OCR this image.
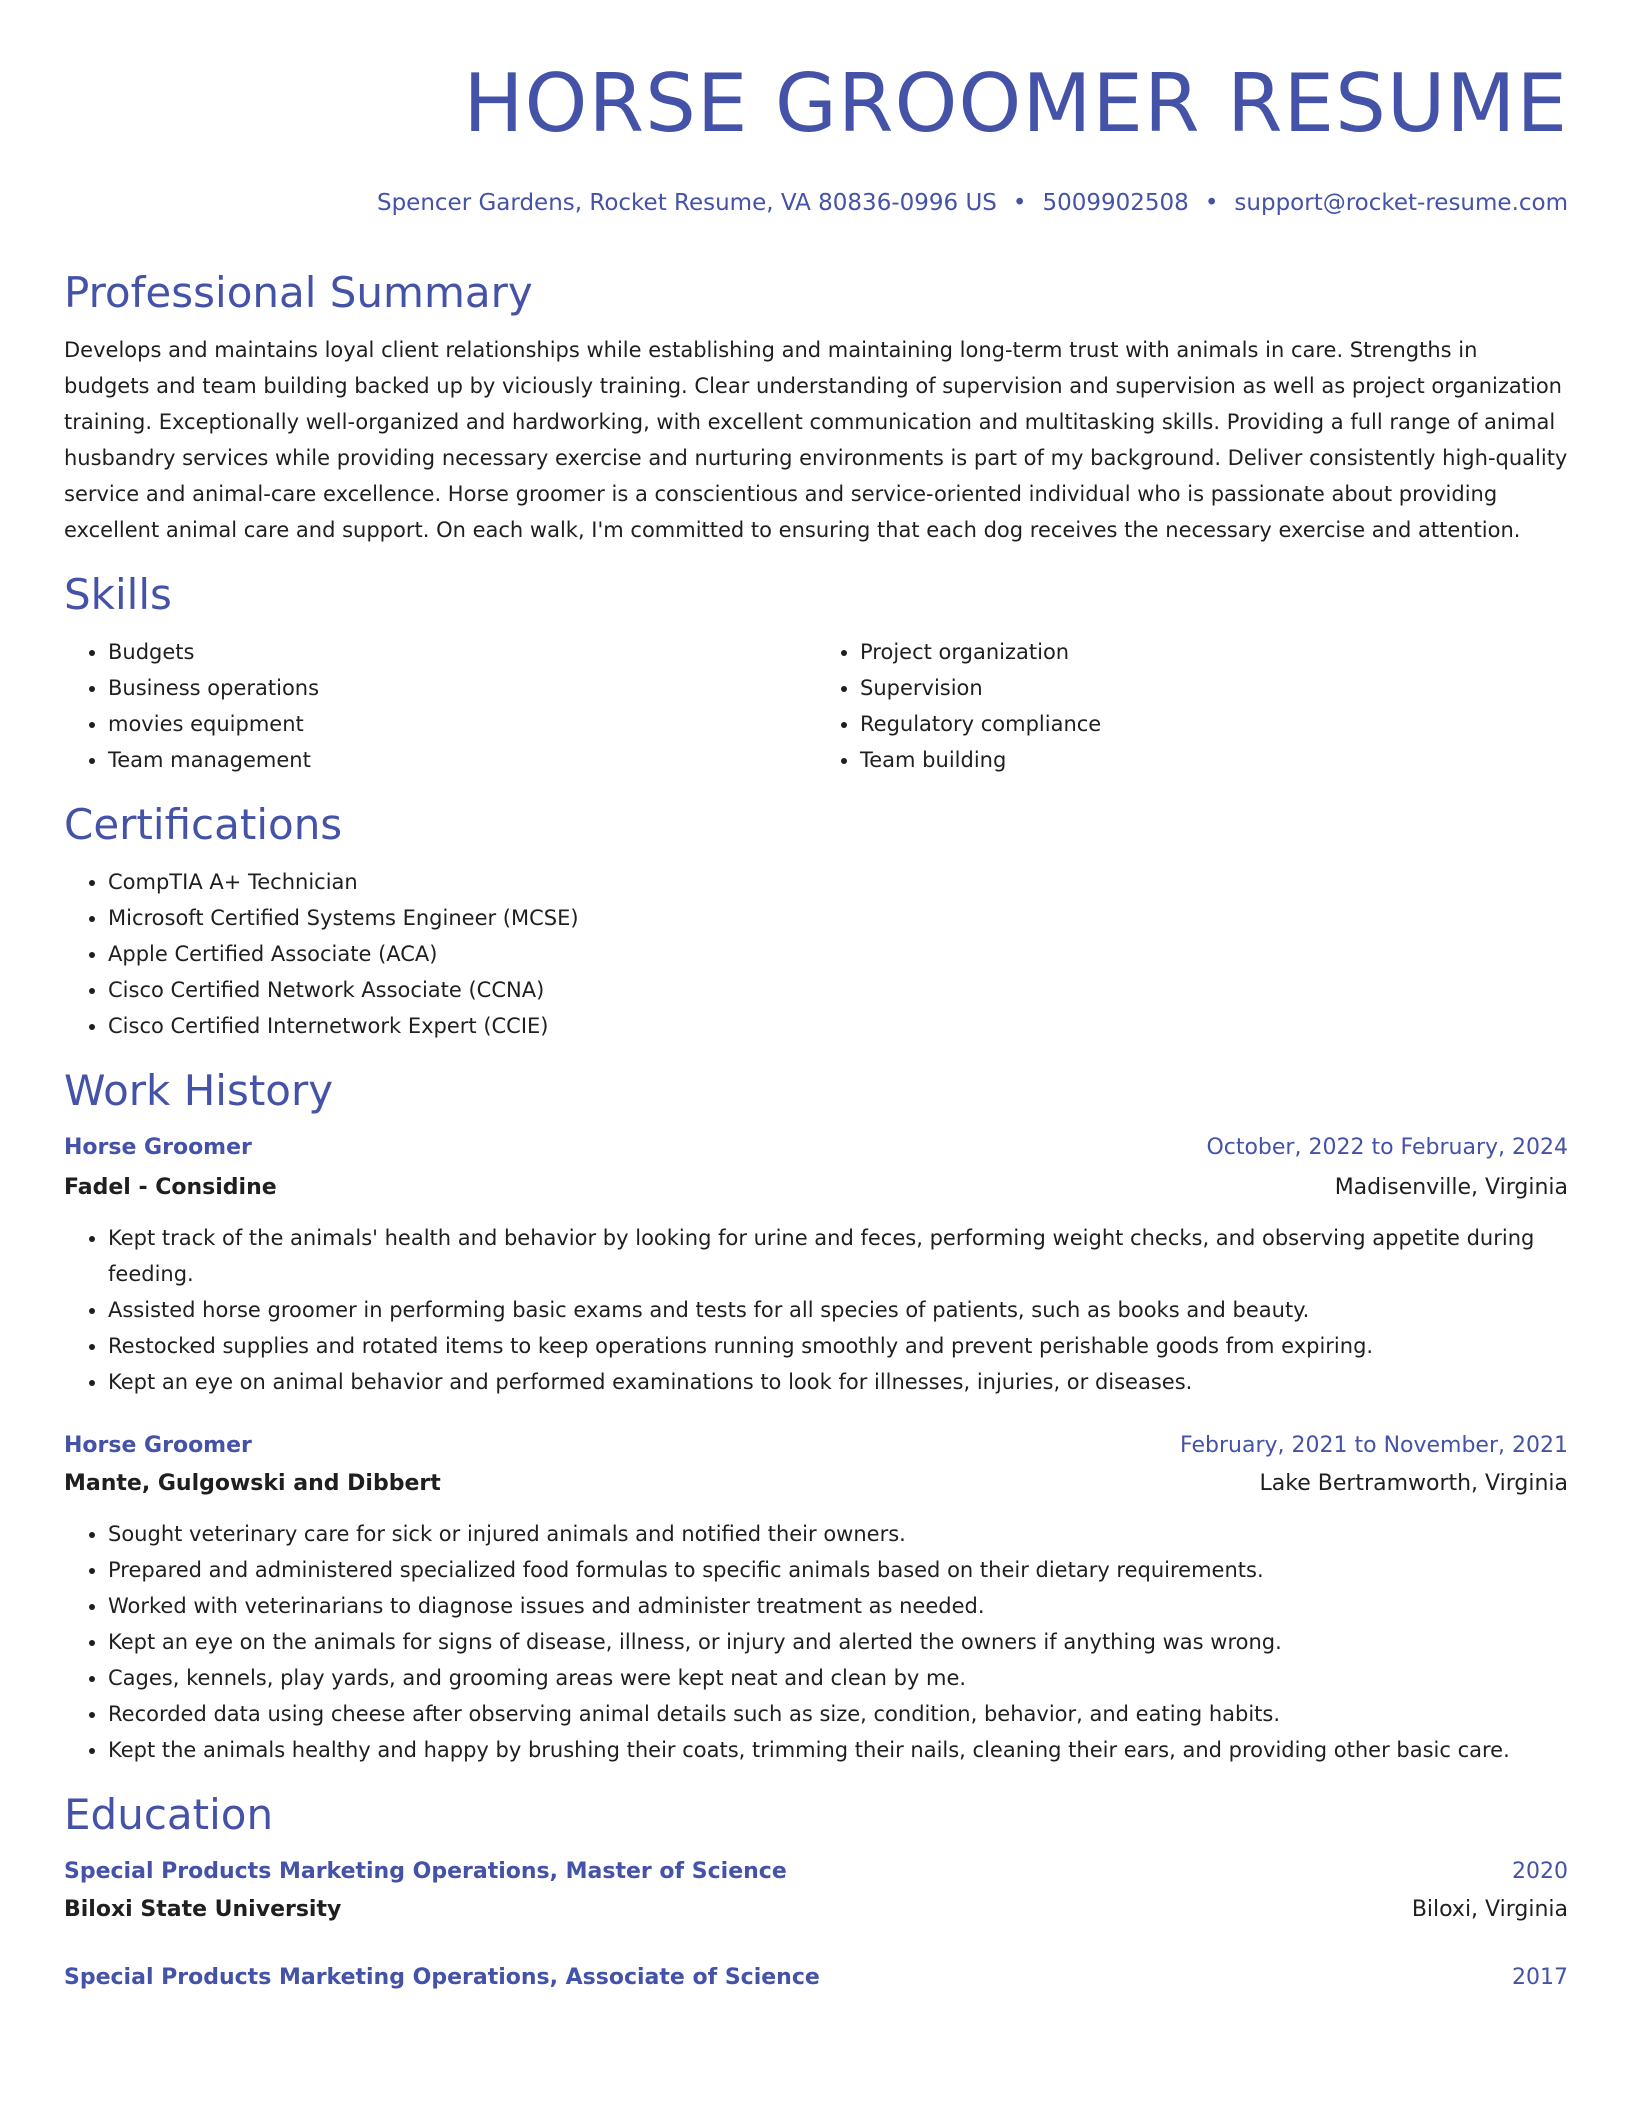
HORSE GROOMER RESUME
Spencer Gardens, Rocket Resume, VA 80836-0996 US • 5009902508 • support@rocket-resume.com
Professional Summary
Develops and maintains loyal client relationships while establishing and maintaining long-term trust with animals in care. Strengths in budgets and team building backed up by viciously training. Clear understanding of supervision and supervision as well as project organization training. Exceptionally well-organized and hardworking, with excellent communication and multitasking skills. Providing a full range of animal husbandry services while providing necessary exercise and nurturing environments is part of my background. Deliver consistently high-quality service and animal-care excellence. Horse groomer is a conscientious and service-oriented individual who is passionate about providing excellent animal care and support. On each walk, I'm committed to ensuring that each dog receives the necessary exercise and attention.
Skills
• Budgets
• Business operations
• movies equipment
• Team management
• Project organization
• Supervision
• Regulatory compliance
• Team building
Certifications
• CompTIA A+ Technician
• Microsoft Certified Systems Engineer (MCSE)
• Apple Certified Associate (ACA)
• Cisco Certified Network Associate (CCNA)
• Cisco Certified Internetwork Expert (CCIE)
Work History
Horse Groomer	October, 2022 to February, 2024
Fadel - Considine	Madisenville, Virginia
• Kept track of the animals' health and behavior by looking for urine and feces, performing weight checks, and observing appetite during feeding.
• Assisted horse groomer in performing basic exams and tests for all species of patients, such as books and beauty.
• Restocked supplies and rotated items to keep operations running smoothly and prevent perishable goods from expiring.
• Kept an eye on animal behavior and performed examinations to look for illnesses, injuries, or diseases.
Horse Groomer	February, 2021 to November, 2021
Mante, Gulgowski and Dibbert	Lake Bertramworth, Virginia
• Sought veterinary care for sick or injured animals and notified their owners.
• Prepared and administered specialized food formulas to specific animals based on their dietary requirements.
• Worked with veterinarians to diagnose issues and administer treatment as needed.
• Kept an eye on the animals for signs of disease, illness, or injury and alerted the owners if anything was wrong.
• Cages, kennels, play yards, and grooming areas were kept neat and clean by me.
• Recorded data using cheese after observing animal details such as size, condition, behavior, and eating habits.
• Kept the animals healthy and happy by brushing their coats, trimming their nails, cleaning their ears, and providing other basic care.
Education
Special Products Marketing Operations, Master of Science	2020
Biloxi State University	Biloxi, Virginia
Special Products Marketing Operations, Associate of Science	2017
